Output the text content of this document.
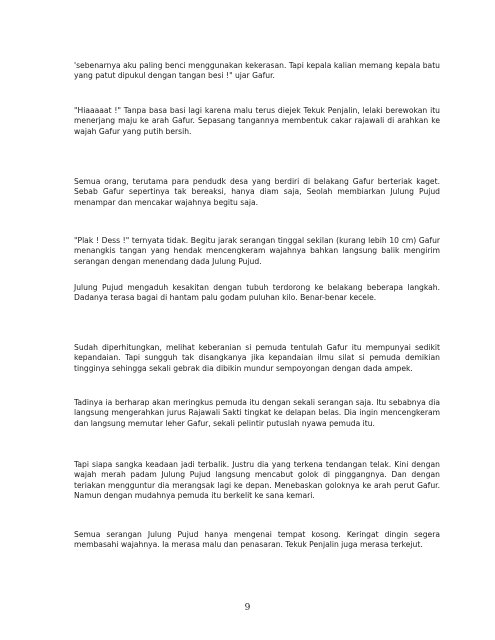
'sebenarnya aku paling benci menggunakan kekerasan. Tapi kepala kalian memang kepala batu yang patut dipukul dengan tangan besi !" ujar Gafur.

"Hiaaaaat !" Tanpa basa basi lagi karena malu terus diejek Tekuk Penjalin, lelaki berewokan itu menerjang maju ke arah Gafur. Sepasang tangannya membentuk cakar rajawali di arahkan ke wajah Gafur yang putih bersih.

Semua orang, terutama para pendudk desa yang berdiri di belakang Gafur berteriak kaget. Sebab Gafur sepertinya tak bereaksi, hanya diam saja, Seolah membiarkan Julung Pujud menampar dan mencakar wajahnya begitu saja.

"Plak ! Dess !" ternyata tidak. Begitu jarak serangan tinggal sekilan (kurang lebih 10 cm) Gafur menangkis tangan yang hendak mencengkeram wajahnya bahkan langsung balik mengirim serangan dengan menendang dada Julung Pujud.

Julung Pujud mengaduh kesakitan dengan tubuh terdorong ke belakang beberapa langkah. Dadanya terasa bagai di hantam palu godam puluhan kilo. Benar-benar kecele.

Sudah diperhitungkan, melihat keberanian si pemuda tentulah Gafur itu mempunyai sedikit kepandaian. Tapi sungguh tak disangkanya jika kepandaian ilmu silat si pemuda demikian tingginya sehingga sekali gebrak dia dibikin mundur sempoyongan dengan dada ampek.

Tadinya ia berharap akan meringkus pemuda itu dengan sekali serangan saja. Itu sebabnya dia langsung mengerahkan jurus Rajawali Sakti tingkat ke delapan belas. Dia ingin mencengkeram dan langsung memutar leher Gafur, sekali pelintir putuslah nyawa pemuda itu.

Tapi siapa sangka keadaan jadi terbalik. Justru dia yang terkena tendangan telak. Kini dengan wajah merah padam Julung Pujud langsung mencabut golok di pinggangnya. Dan dengan teriakan mengguntur dia merangsak lagi ke depan. Menebaskan goloknya ke arah perut Gafur. Namun dengan mudahnya pemuda itu berkelit ke sana kemari.

Semua serangan Julung Pujud hanya mengenai tempat kosong. Keringat dingin segera membasahi wajahnya. Ia merasa malu dan penasaran. Tekuk Penjalin juga merasa terkejut.

9
